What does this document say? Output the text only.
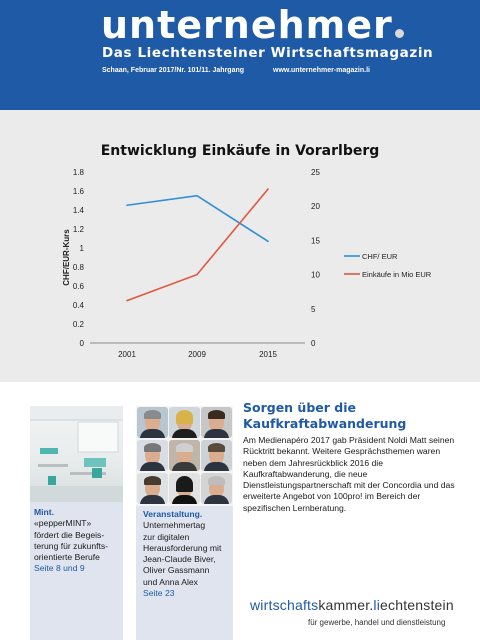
unternehmer
Das Liechtensteiner Wirtschaftsmagazin
Schaan, Februar 2017/Nr. 101/11. Jahrgang	www.unternehmer-magazin.li
Entwicklung Einkäufe in Vorarlberg
0
0.2
0.4
0.6
0.8
1
1.2
1.4
1.6
1.8
0
5
10
15
20
25
2001	2009	2015
CHF/EUR-Kurs	CHF/ EUR
Einkäufe in Mio EUR
Mint.
«pepperMINT»
fördert die Begeis-
terung für zukunfts-
orientierte Berufe
Seite 8 und 9
Veranstaltung.
Unternehmertag
zur digitalen
Herausforderung mit
Jean-Claude Biver,
Oliver Gassmann
und Anna Alex
Seite 23
Sorgen über die Kaufkraftabwanderung
Am Medienapéro 2017 gab Präsident Noldi Matt seinen Rücktritt bekannt. Weitere Gesprächsthemen waren neben dem Jahresrückblick 2016 die Kaufkraftabwanderung, die neue Dienstleistungspartnerschaft mit der Concordia und das erweiterte Angebot von 100pro! im Bereich der spezifischen Lernberatung.
wirtschaftskammer.liechtenstein
für gewerbe, handel und dienstleistung
